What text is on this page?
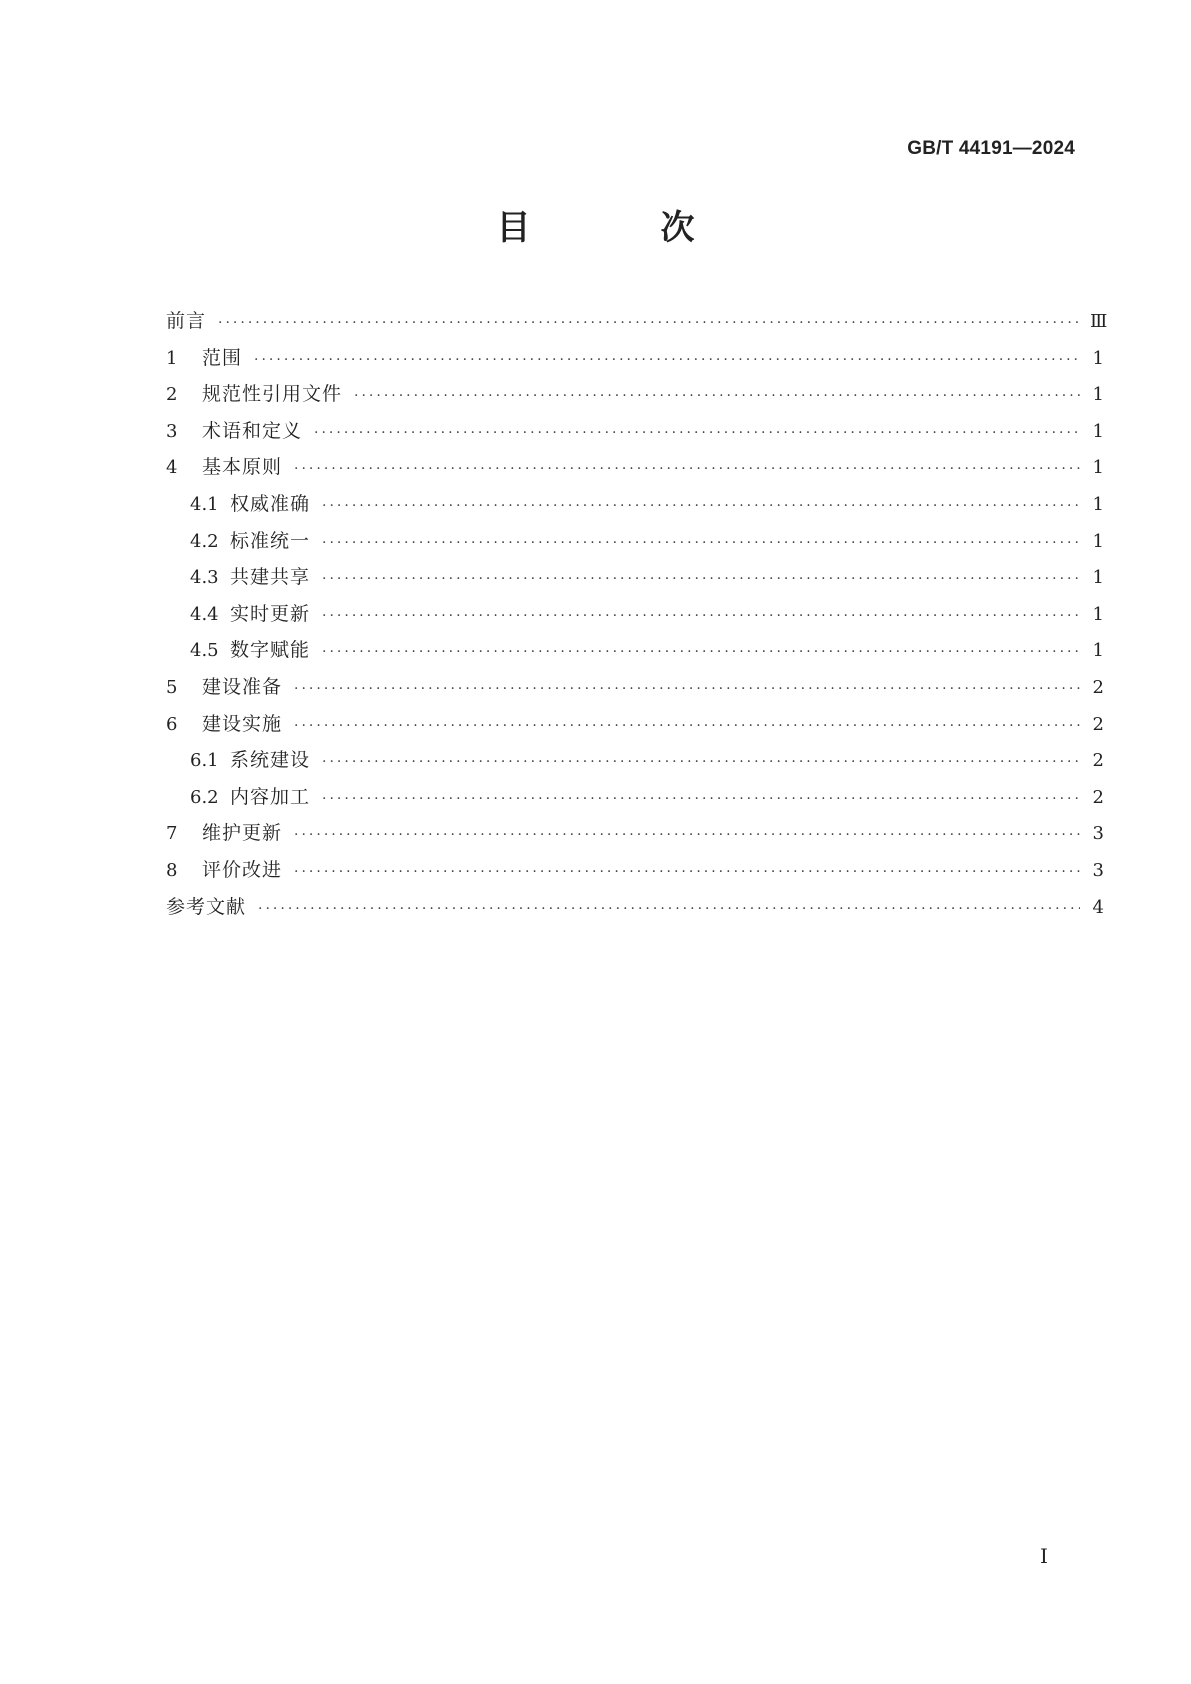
GB/T 44191—2024
目　次
前言 ·····	Ⅲ
1	范围 ·····	1
2	规范性引用文件 ·····	1
3	术语和定义 ·····	1
4	基本原则 ·····	1
4.1 权威准确 ·····	1
4.2 标准统一 ·····	1
4.3 共建共享 ·····	1
4.4 实时更新 ·····	1
4.5 数字赋能 ·····	1
5	建设准备 ·····	2
6	建设实施 ·····	2
6.1 系统建设 ·····	2
6.2 内容加工 ·····	2
7	维护更新 ·····	3
8	评价改进 ·····	3
参考文献 ·····	4
Ⅰ
